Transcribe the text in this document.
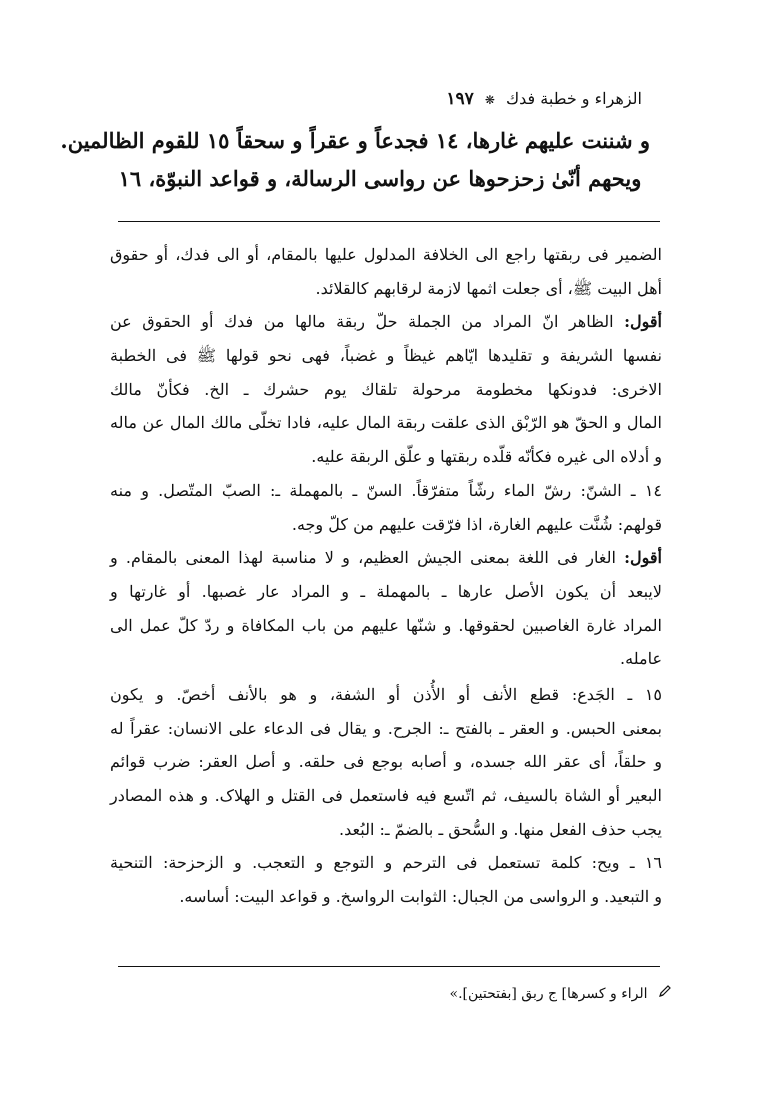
الزهراء و خطبة فدك ❋ ١٩٧
و شننت عليهم غارها، ١٤ فجدعاً و عقراً و سحقاً ١٥ للقوم الظالمين.
ويحهم أنّىٰ زحزحوها عن رواسى الرسالة، و قواعد النبوّة، ١٦
الضمير فى ربقتها راجع الى الخلافة المدلول عليها بالمقام، أو الى فدك، أو حقوق
أهل البيت ﷺ، أى جعلت اثمها لازمة لرقابهم كالقلائد.
أقول: الظاهر انّ المراد من الجملة حلّ ربقة مالها من فدك أو الحقوق عن
نفسها الشريفة و تقليدها ايّاهم غيظاً و غضباً، فهى نحو قولها ﷺ فى الخطبة
الاخرى: فدونكها مخطومة مرحولة تلقاك يوم حشرك ـ الخ. فكأنّ مالك
المال و الحقّ هو الرّبْق الذى علقت ربقة المال عليه، فادا تخلّى مالك المال عن ماله
و أدلاه الى غيره فكأنّه قلّده ربقتها و علّق الربقة عليه.
١٤ ـ الشنّ: رشّ الماء رشّاً متفرّقاً. السنّ ـ بالمهملة ـ: الصبّ المتّصل. و منه
قولهم: شُنَّت عليهم الغارة، اذا فرّقت عليهم من كلّ وجه.
أقول: الغار فى اللغة بمعنى الجيش العظيم، و لا مناسبة لهذا المعنى بالمقام. و
لايبعد أن يكون الأصل عارها ـ بالمهملة ـ و المراد عار غصبها. أو غارتها و
المراد غارة الغاصبين لحقوقها. و شنّها عليهم من باب المكافاة و ردّ كلّ عمل الى
عامله.
١٥ ـ الجَدع: قطع الأنف أو الأُذن أو الشفة، و هو بالأنف أخصّ. و يكون
بمعنى الحبس. و العقر ـ بالفتح ـ: الجرح. و يقال فى الدعاء على الانسان: عقراً له
و حلقاً، أى عقر الله جسده، و أصابه بوجع فى حلقه. و أصل العقر: ضرب قوائم
البعير أو الشاة بالسيف، ثم اتّسع فيه فاستعمل فى القتل و الهلاک. و هذه المصادر
يجب حذف الفعل منها. و السُّحق ـ بالضمّ ـ: البُعد.
١٦ ـ ويح: كلمة تستعمل فى الترحم و التوجع و التعجب. و الزحزحة: التنحية
و التبعيد. و الرواسى من الجبال: الثوابت الرواسخ. و قواعد البيت: أساسه.
الراء و كسرها] ج ربق [بفتحتين].»
